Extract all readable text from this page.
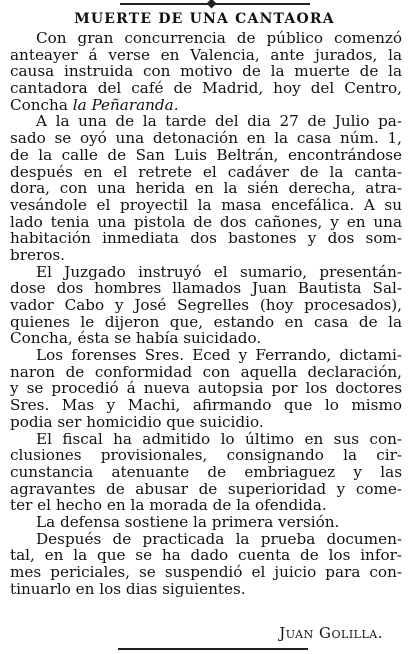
MUERTE DE UNA CANTAORA
Con gran concurrencia de público comenzó
anteayer á verse en Valencia, ante jurados, la
causa instruida con motivo de la muerte de la
cantadora del café de Madrid, hoy del Centro,
Concha la Peñaranda.
A la una de la tarde del dia 27 de Julio pa-
sado se oyó una detonación en la casa núm. 1,
de la calle de San Luis Beltrán, encontrándose
después en el retrete el cadáver de la canta-
dora, con una herida en la sién derecha, atra-
vesándole el proyectil la masa encefálica. A su
lado tenia una pistola de dos cañones, y en una
habitación inmediata dos bastones y dos som-
breros.
El Juzgado instruyó el sumario, presentán-
dose dos hombres llamados Juan Bautista Sal-
vador Cabo y José Segrelles (hoy procesados),
quienes le dijeron que, estando en casa de la
Concha, ésta se había suicidado.
Los forenses Sres. Eced y Ferrando, dictami-
naron de conformidad con aquella declaración,
y se procedió á nueva autopsia por los doctores
Sres. Mas y Machi, afirmando que lo mismo
podia ser homicidio que suicidio.
El fiscal ha admitido lo último en sus con-
clusiones provisionales, consignando la cir-
cunstancia atenuante de embriaguez y las
agravantes de abusar de superioridad y come-
ter el hecho en la morada de la ofendida.
La defensa sostiene la primera versión.
Después de practicada la prueba documen-
tal, en la que se ha dado cuenta de los infor-
mes periciales, se suspendió el juicio para con-
tinuarlo en los dias siguientes.
Juan Golilla.
